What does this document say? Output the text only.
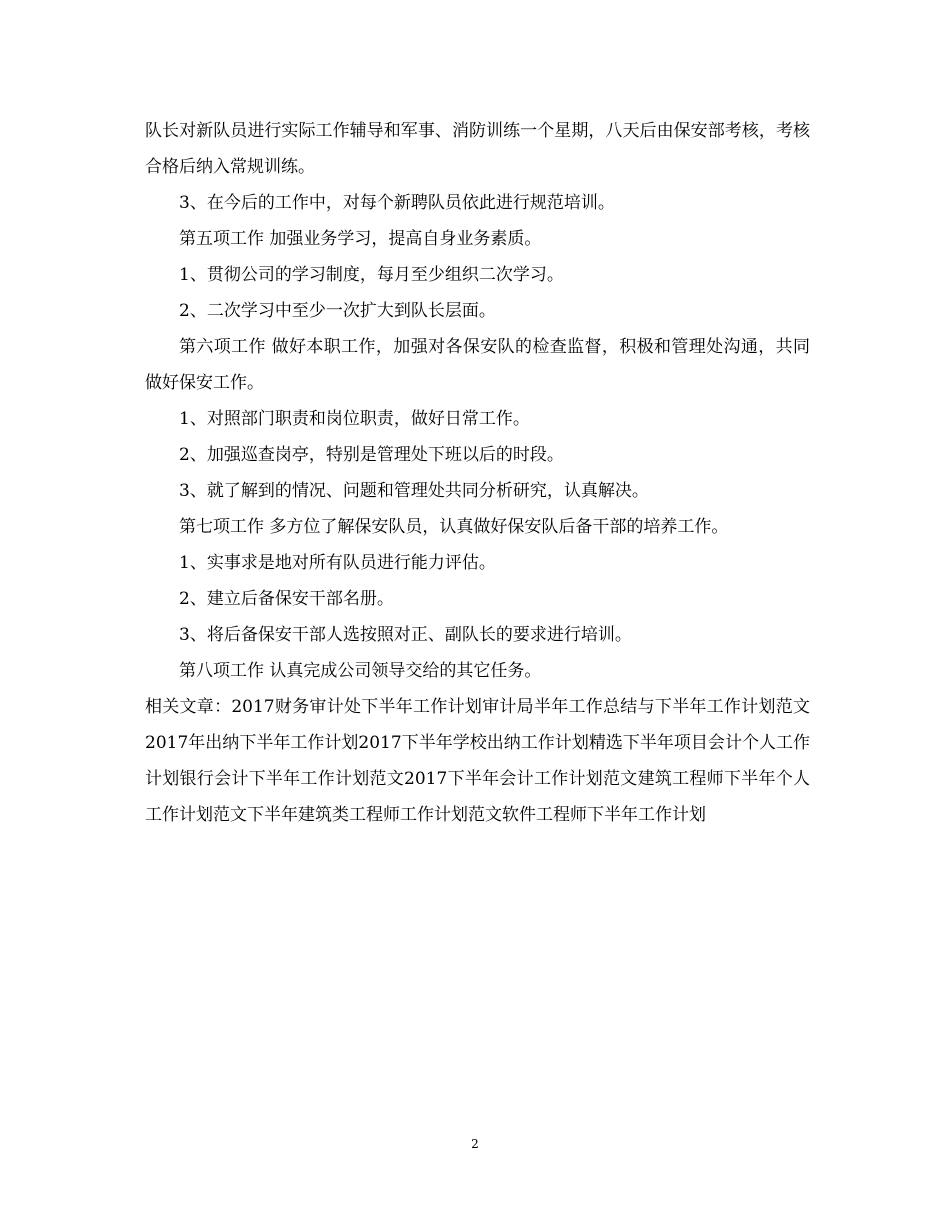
队长对新队员进行实际工作辅导和军事、消防训练一个星期，八天后由保安部考核，考核合格后纳入常规训练。

3、在今后的工作中，对每个新聘队员依此进行规范培训。

第五项工作 加强业务学习，提高自身业务素质。

1、贯彻公司的学习制度，每月至少组织二次学习。

2、二次学习中至少一次扩大到队长层面。

第六项工作 做好本职工作，加强对各保安队的检查监督，积极和管理处沟通，共同做好保安工作。

1、对照部门职责和岗位职责，做好日常工作。

2、加强巡查岗亭，特别是管理处下班以后的时段。

3、就了解到的情况、问题和管理处共同分析研究，认真解决。

第七项工作 多方位了解保安队员，认真做好保安队后备干部的培养工作。

1、实事求是地对所有队员进行能力评估。

2、建立后备保安干部名册。

3、将后备保安干部人选按照对正、副队长的要求进行培训。

第八项工作 认真完成公司领导交给的其它任务。

相关文章：2017财务审计处下半年工作计划审计局半年工作总结与下半年工作计划范文2017年出纳下半年工作计划2017下半年学校出纳工作计划精选下半年项目会计个人工作计划银行会计下半年工作计划范文2017下半年会计工作计划范文建筑工程师下半年个人工作计划范文下半年建筑类工程师工作计划范文软件工程师下半年工作计划

2
